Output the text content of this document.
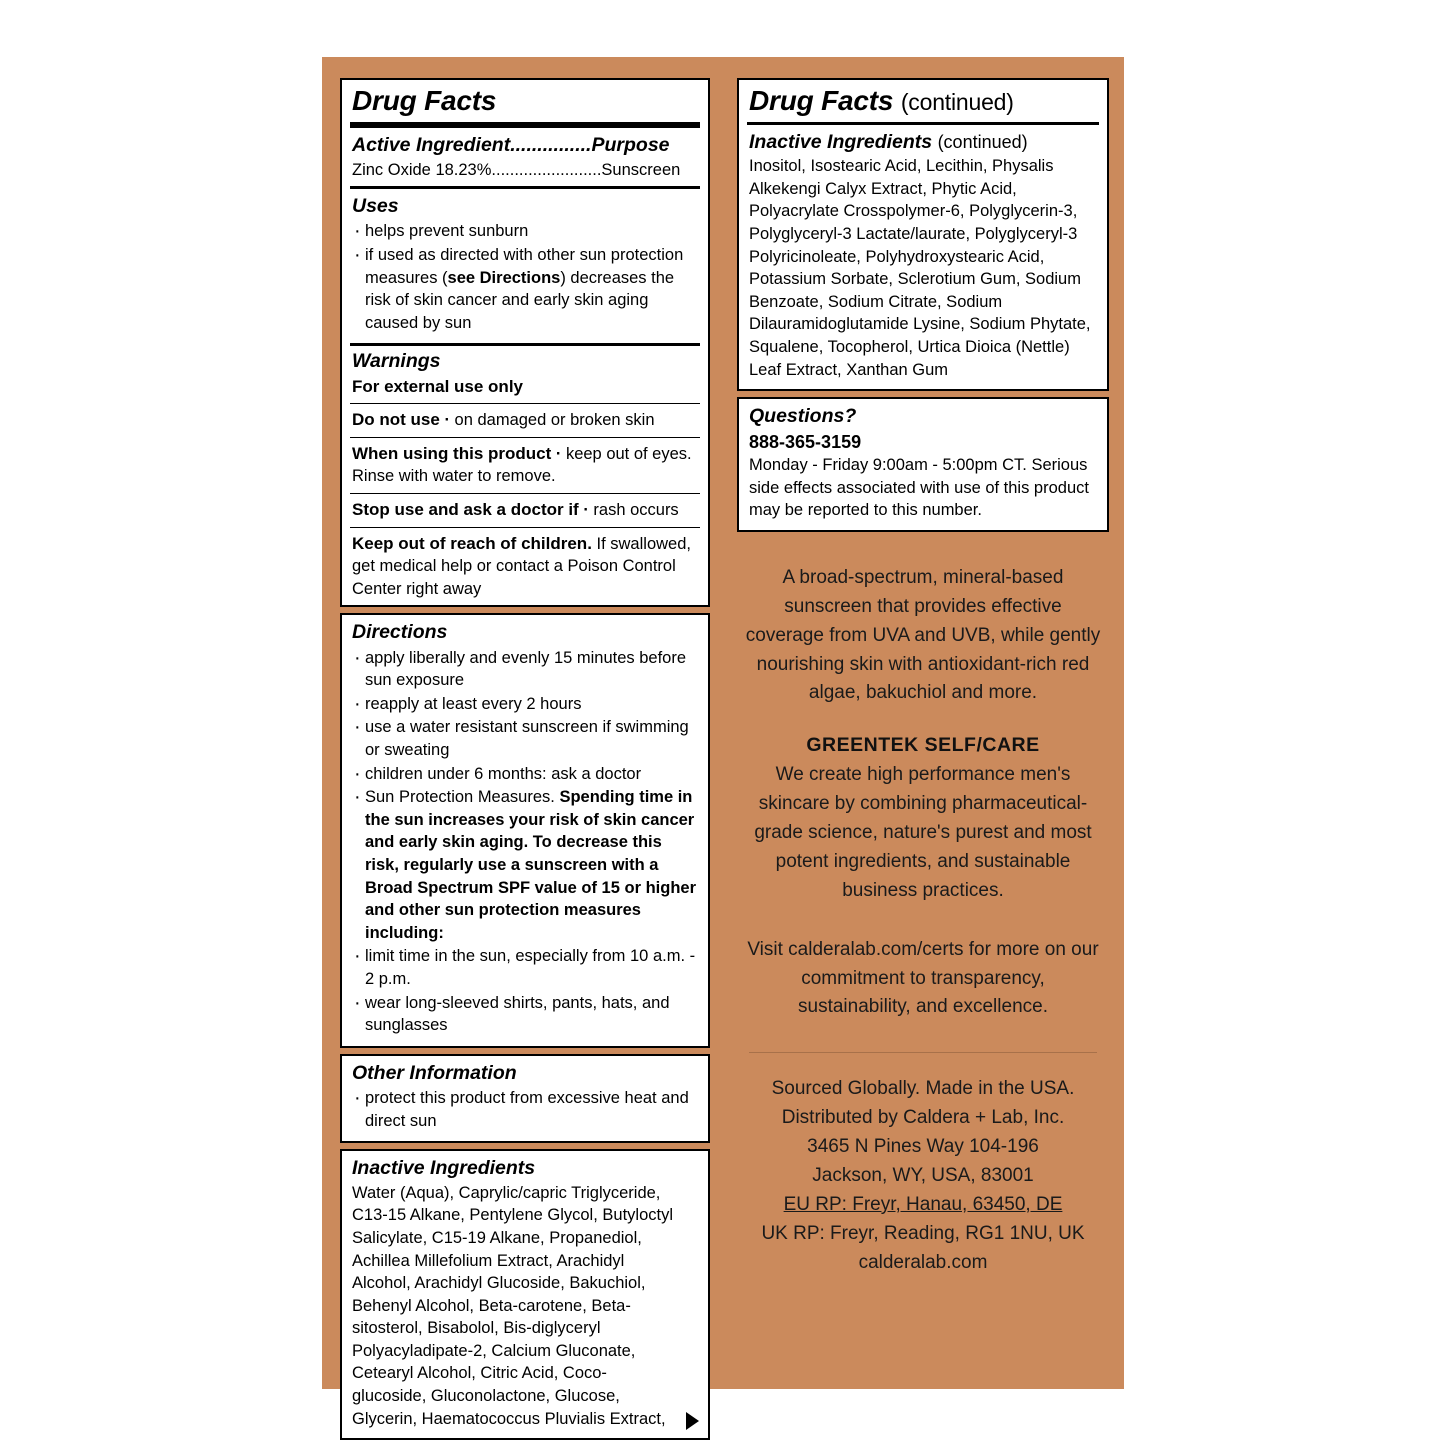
Drug Facts
Active Ingredient...............Purpose
Zinc Oxide 18.23%........................Sunscreen
Uses
· helps prevent sunburn
· if used as directed with other sun protection measures (see Directions) decreases the risk of skin cancer and early skin aging caused by sun
Warnings
For external use only
Do not use · on damaged or broken skin
When using this product · keep out of eyes. Rinse with water to remove.
Stop use and ask a doctor if · rash occurs
Keep out of reach of children. If swallowed, get medical help or contact a Poison Control Center right away
Directions
· apply liberally and evenly 15 minutes before sun exposure
· reapply at least every 2 hours
· use a water resistant sunscreen if swimming or sweating
· children under 6 months: ask a doctor
· Sun Protection Measures. Spending time in the sun increases your risk of skin cancer and early skin aging. To decrease this risk, regularly use a sunscreen with a Broad Spectrum SPF value of 15 or higher and other sun protection measures including:
· limit time in the sun, especially from 10 a.m. - 2 p.m.
· wear long-sleeved shirts, pants, hats, and sunglasses
Other Information
· protect this product from excessive heat and direct sun
Inactive Ingredients
Water (Aqua), Caprylic/capric Triglyceride, C13-15 Alkane, Pentylene Glycol, Butyloctyl Salicylate, C15-19 Alkane, Propanediol, Achillea Millefolium Extract, Arachidyl Alcohol, Arachidyl Glucoside, Bakuchiol, Behenyl Alcohol, Beta-carotene, Beta-sitosterol, Bisabolol, Bis-diglyceryl Polyacyladipate-2, Calcium Gluconate, Cetearyl Alcohol, Citric Acid, Coco-glucoside, Gluconolactone, Glucose, Glycerin, Haematococcus Pluvialis Extract,
Drug Facts (continued)
Inactive Ingredients (continued)
Inositol, Isostearic Acid, Lecithin, Physalis Alkekengi Calyx Extract, Phytic Acid, Polyacrylate Crosspolymer-6, Polyglycerin-3, Polyglyceryl-3 Lactate/laurate, Polyglyceryl-3 Polyricinoleate, Polyhydroxystearic Acid, Potassium Sorbate, Sclerotium Gum, Sodium Benzoate, Sodium Citrate, Sodium Dilauramidoglutamide Lysine, Sodium Phytate, Squalene, Tocopherol, Urtica Dioica (Nettle) Leaf Extract, Xanthan Gum
Questions?
888-365-3159
Monday - Friday 9:00am - 5:00pm CT. Serious side effects associated with use of this product may be reported to this number.
A broad-spectrum, mineral-based sunscreen that provides effective coverage from UVA and UVB, while gently nourishing skin with antioxidant-rich red algae, bakuchiol and more.
GREENTEK SELF/CARE
We create high performance men's skincare by combining pharmaceutical-grade science, nature's purest and most potent ingredients, and sustainable business practices.
Visit calderalab.com/certs for more on our commitment to transparency, sustainability, and excellence.
Sourced Globally. Made in the USA.
Distributed by Caldera + Lab, Inc.
3465 N Pines Way 104-196
Jackson, WY, USA, 83001
EU RP: Freyr, Hanau, 63450, DE
UK RP: Freyr, Reading, RG1 1NU, UK
calderalab.com
